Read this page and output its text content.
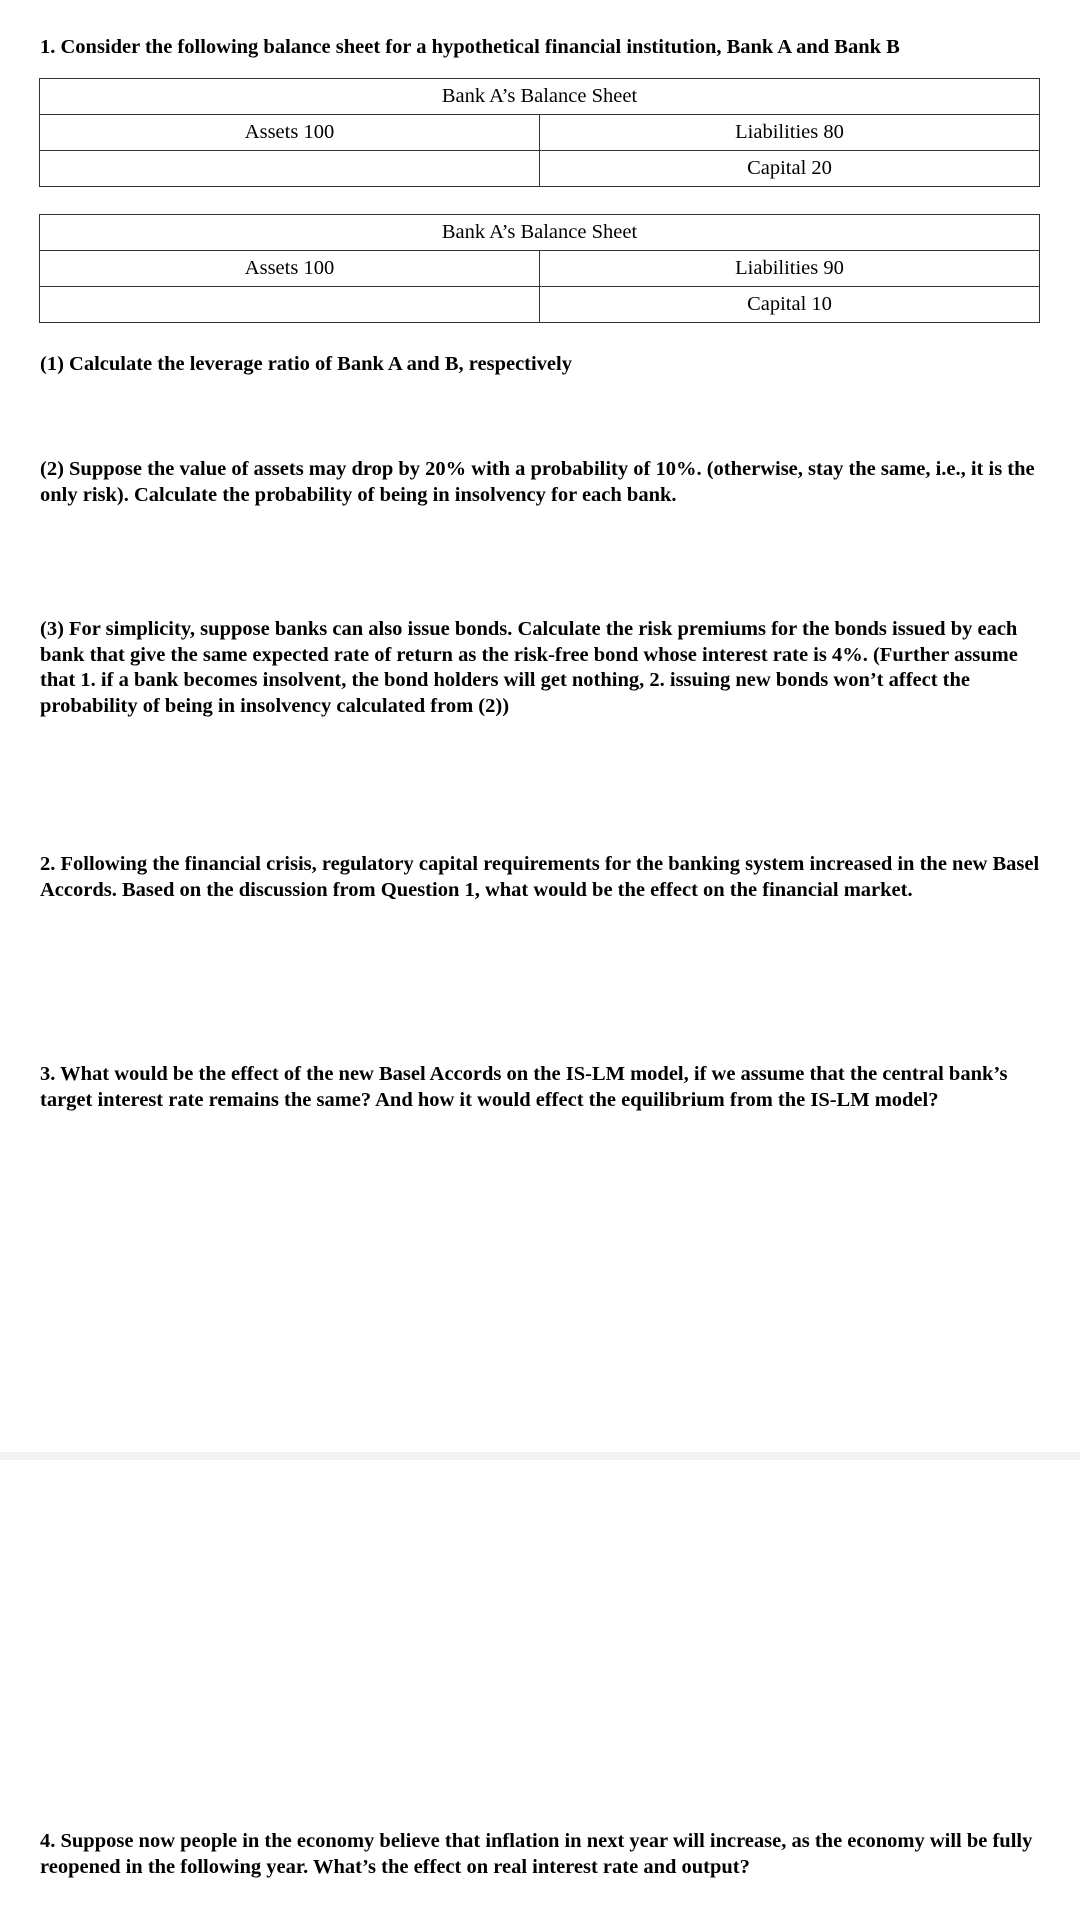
1. Consider the following balance sheet for a hypothetical financial institution, Bank A and Bank B

Bank A’s Balance Sheet	
Assets 100	Liabilities 80
	Capital 20
Bank A’s Balance Sheet	
Assets 100	Liabilities 90
	Capital 10

(1) Calculate the leverage ratio of Bank A and B, respectively

(2) Suppose the value of assets may drop by 20% with a probability of 10%. (otherwise, stay the same, i.e., it is the only risk). Calculate the probability of being in insolvency for each bank.

(3) For simplicity, suppose banks can also issue bonds. Calculate the risk premiums for the bonds issued by each bank that give the same expected rate of return as the risk-free bond whose interest rate is 4%. (Further assume that 1. if a bank becomes insolvent, the bond holders will get nothing, 2. issuing new bonds won’t affect the probability of being in insolvency calculated from (2))

2. Following the financial crisis, regulatory capital requirements for the banking system increased in the new Basel Accords. Based on the discussion from Question 1, what would be the effect on the financial market.

3. What would be the effect of the new Basel Accords on the IS-LM model, if we assume that the central bank’s target interest rate remains the same? And how it would effect the equilibrium from the IS-LM model?

4. Suppose now people in the economy believe that inflation in next year will increase, as the economy will be fully reopened in the following year. What’s the effect on real interest rate and output?
